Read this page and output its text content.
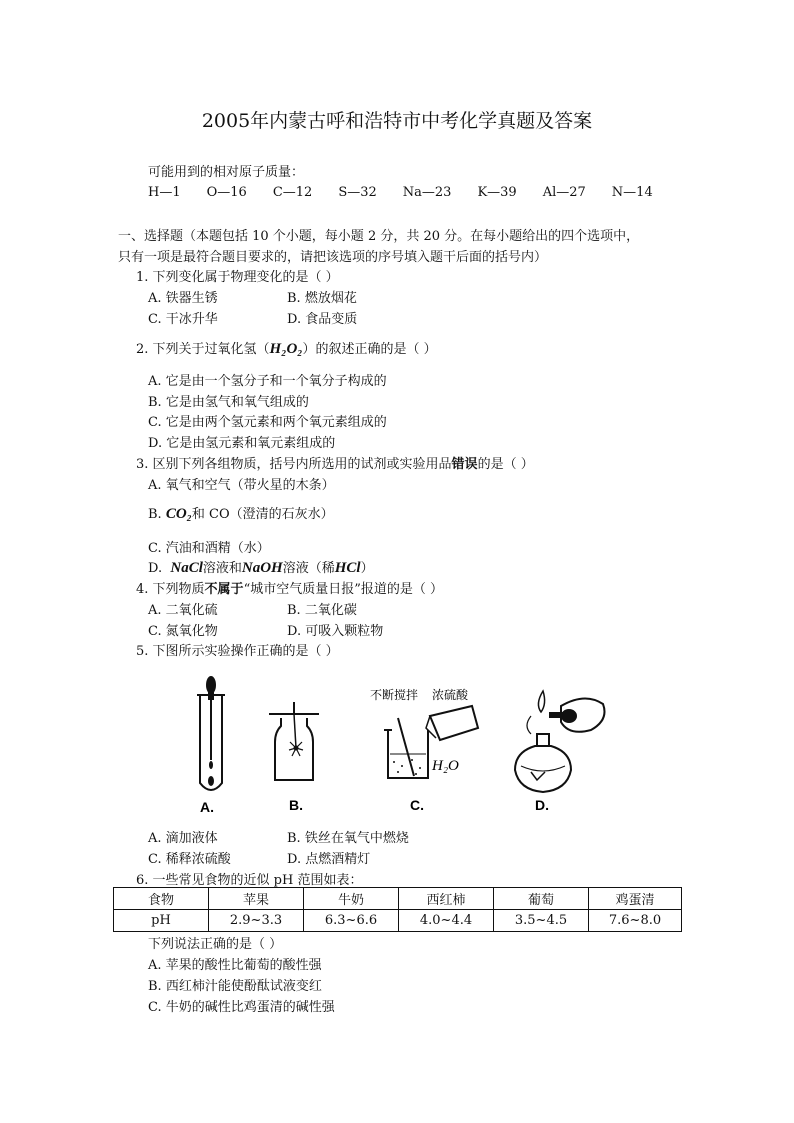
2005年内蒙古呼和浩特市中考化学真题及答案
可能用到的相对原子质量：
H—1 O—16 C—12 S—32 Na—23 K—39 Al—27 N—14
一、选择题（本题包括 10 个小题，每小题 2 分，共 20 分。在每小题给出的四个选项中，
只有一项是最符合题目要求的，请把该选项的序号填入题干后面的括号内）
1. 下列变化属于物理变化的是（ ）
A. 铁器生锈	B. 燃放烟花
C. 干冰升华	D. 食品变质
2. 下列关于过氧化氢（H₂O₂）的叙述正确的是（ ）
A. 它是由一个氢分子和一个氧分子构成的
B. 它是由氢气和氧气组成的
C. 它是由两个氢元素和两个氧元素组成的
D. 它是由氢元素和氧元素组成的
3. 区别下列各组物质，括号内所选用的试剂或实验用品错误的是（ ）
A. 氧气和空气（带火星的木条）
B. CO₂和 CO（澄清的石灰水）
C. 汽油和酒精（水）
D. NaCl溶液和NaOH溶液（稀HCl）
4. 下列物质不属于“城市空气质量日报”报道的是（ ）
A. 二氧化硫	B. 二氧化碳
C. 氮氧化物	D. 可吸入颗粒物
5. 下图所示实验操作正确的是（ ）
A.	B.
不断搅拌 浓硫酸
H₂O
C.	D.
A. 滴加液体	B. 铁丝在氧气中燃烧
C. 稀释浓硫酸	D. 点燃酒精灯
6. 一些常见食物的近似 pH 范围如表：
食物	苹果	牛奶	西红柿	葡萄	鸡蛋清
pH	2.9~3.3	6.3~6.6	4.0~4.4	3.5~4.5	7.6~8.0
下列说法正确的是（ ）
A. 苹果的酸性比葡萄的酸性强
B. 西红柿汁能使酚酞试液变红
C. 牛奶的碱性比鸡蛋清的碱性强
